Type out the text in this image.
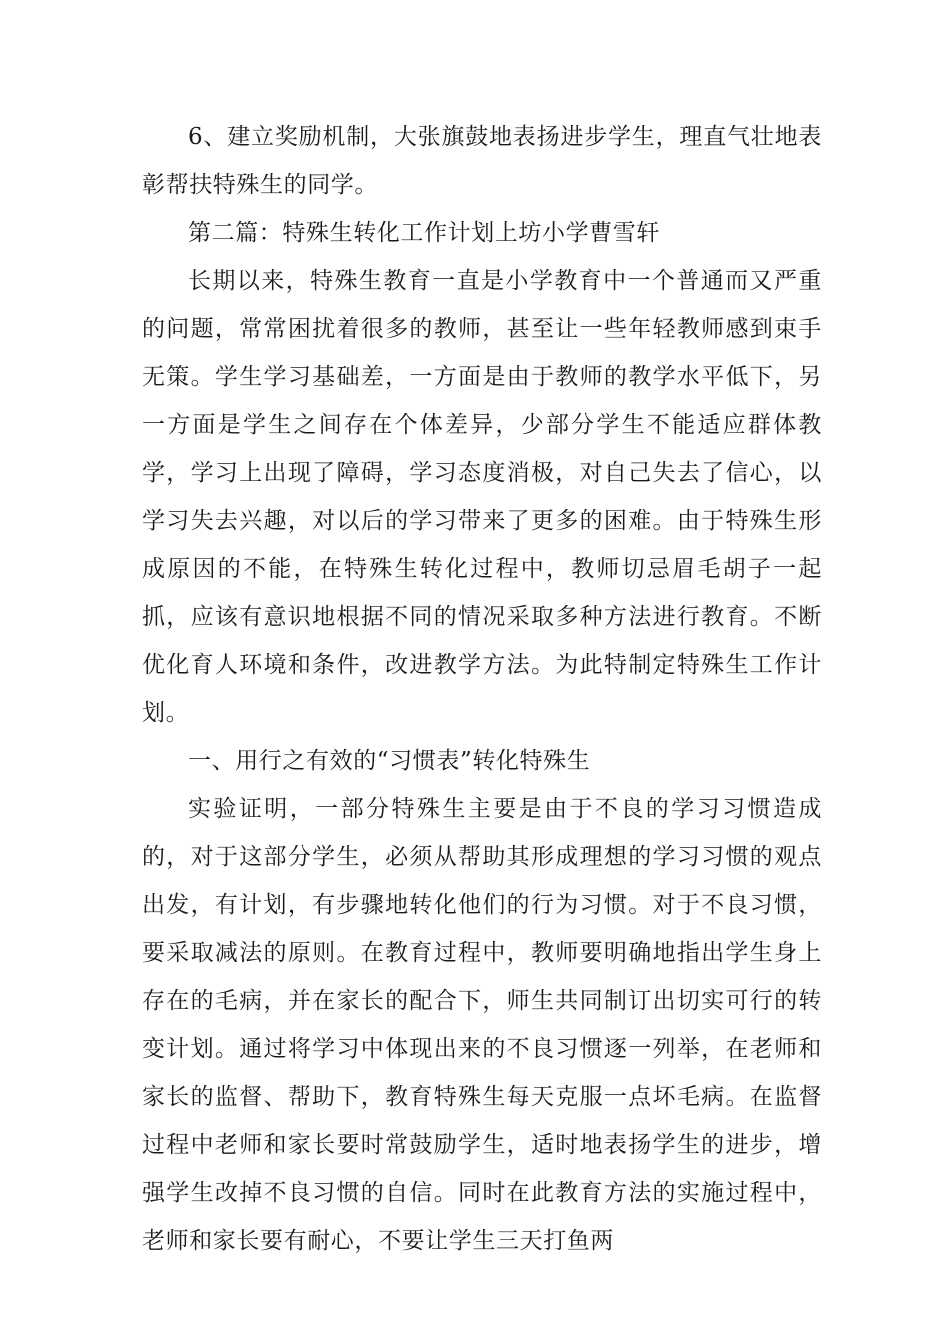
6、建立奖励机制，大张旗鼓地表扬进步学生，理直气壮地表彰帮扶特殊生的同学。

第二篇：特殊生转化工作计划上坊小学曹雪轩

长期以来，特殊生教育一直是小学教育中一个普通而又严重的问题，常常困扰着很多的教师，甚至让一些年轻教师感到束手无策。学生学习基础差，一方面是由于教师的教学水平低下，另一方面是学生之间存在个体差异，少部分学生不能适应群体教学，学习上出现了障碍，学习态度消极，对自己失去了信心，以学习失去兴趣，对以后的学习带来了更多的困难。由于特殊生形成原因的不能，在特殊生转化过程中，教师切忌眉毛胡子一起抓，应该有意识地根据不同的情况采取多种方法进行教育。不断优化育人环境和条件，改进教学方法。为此特制定特殊生工作计划。

一、用行之有效的“习惯表”转化特殊生

实验证明，一部分特殊生主要是由于不良的学习习惯造成的，对于这部分学生，必须从帮助其形成理想的学习习惯的观点出发，有计划，有步骤地转化他们的行为习惯。对于不良习惯，要采取减法的原则。在教育过程中，教师要明确地指出学生身上存在的毛病，并在家长的配合下，师生共同制订出切实可行的转变计划。通过将学习中体现出来的不良习惯逐一列举，在老师和家长的监督、帮助下，教育特殊生每天克服一点坏毛病。在监督过程中老师和家长要时常鼓励学生，适时地表扬学生的进步，增强学生改掉不良习惯的自信。同时在此教育方法的实施过程中，老师和家长要有耐心，不要让学生三天打鱼两
